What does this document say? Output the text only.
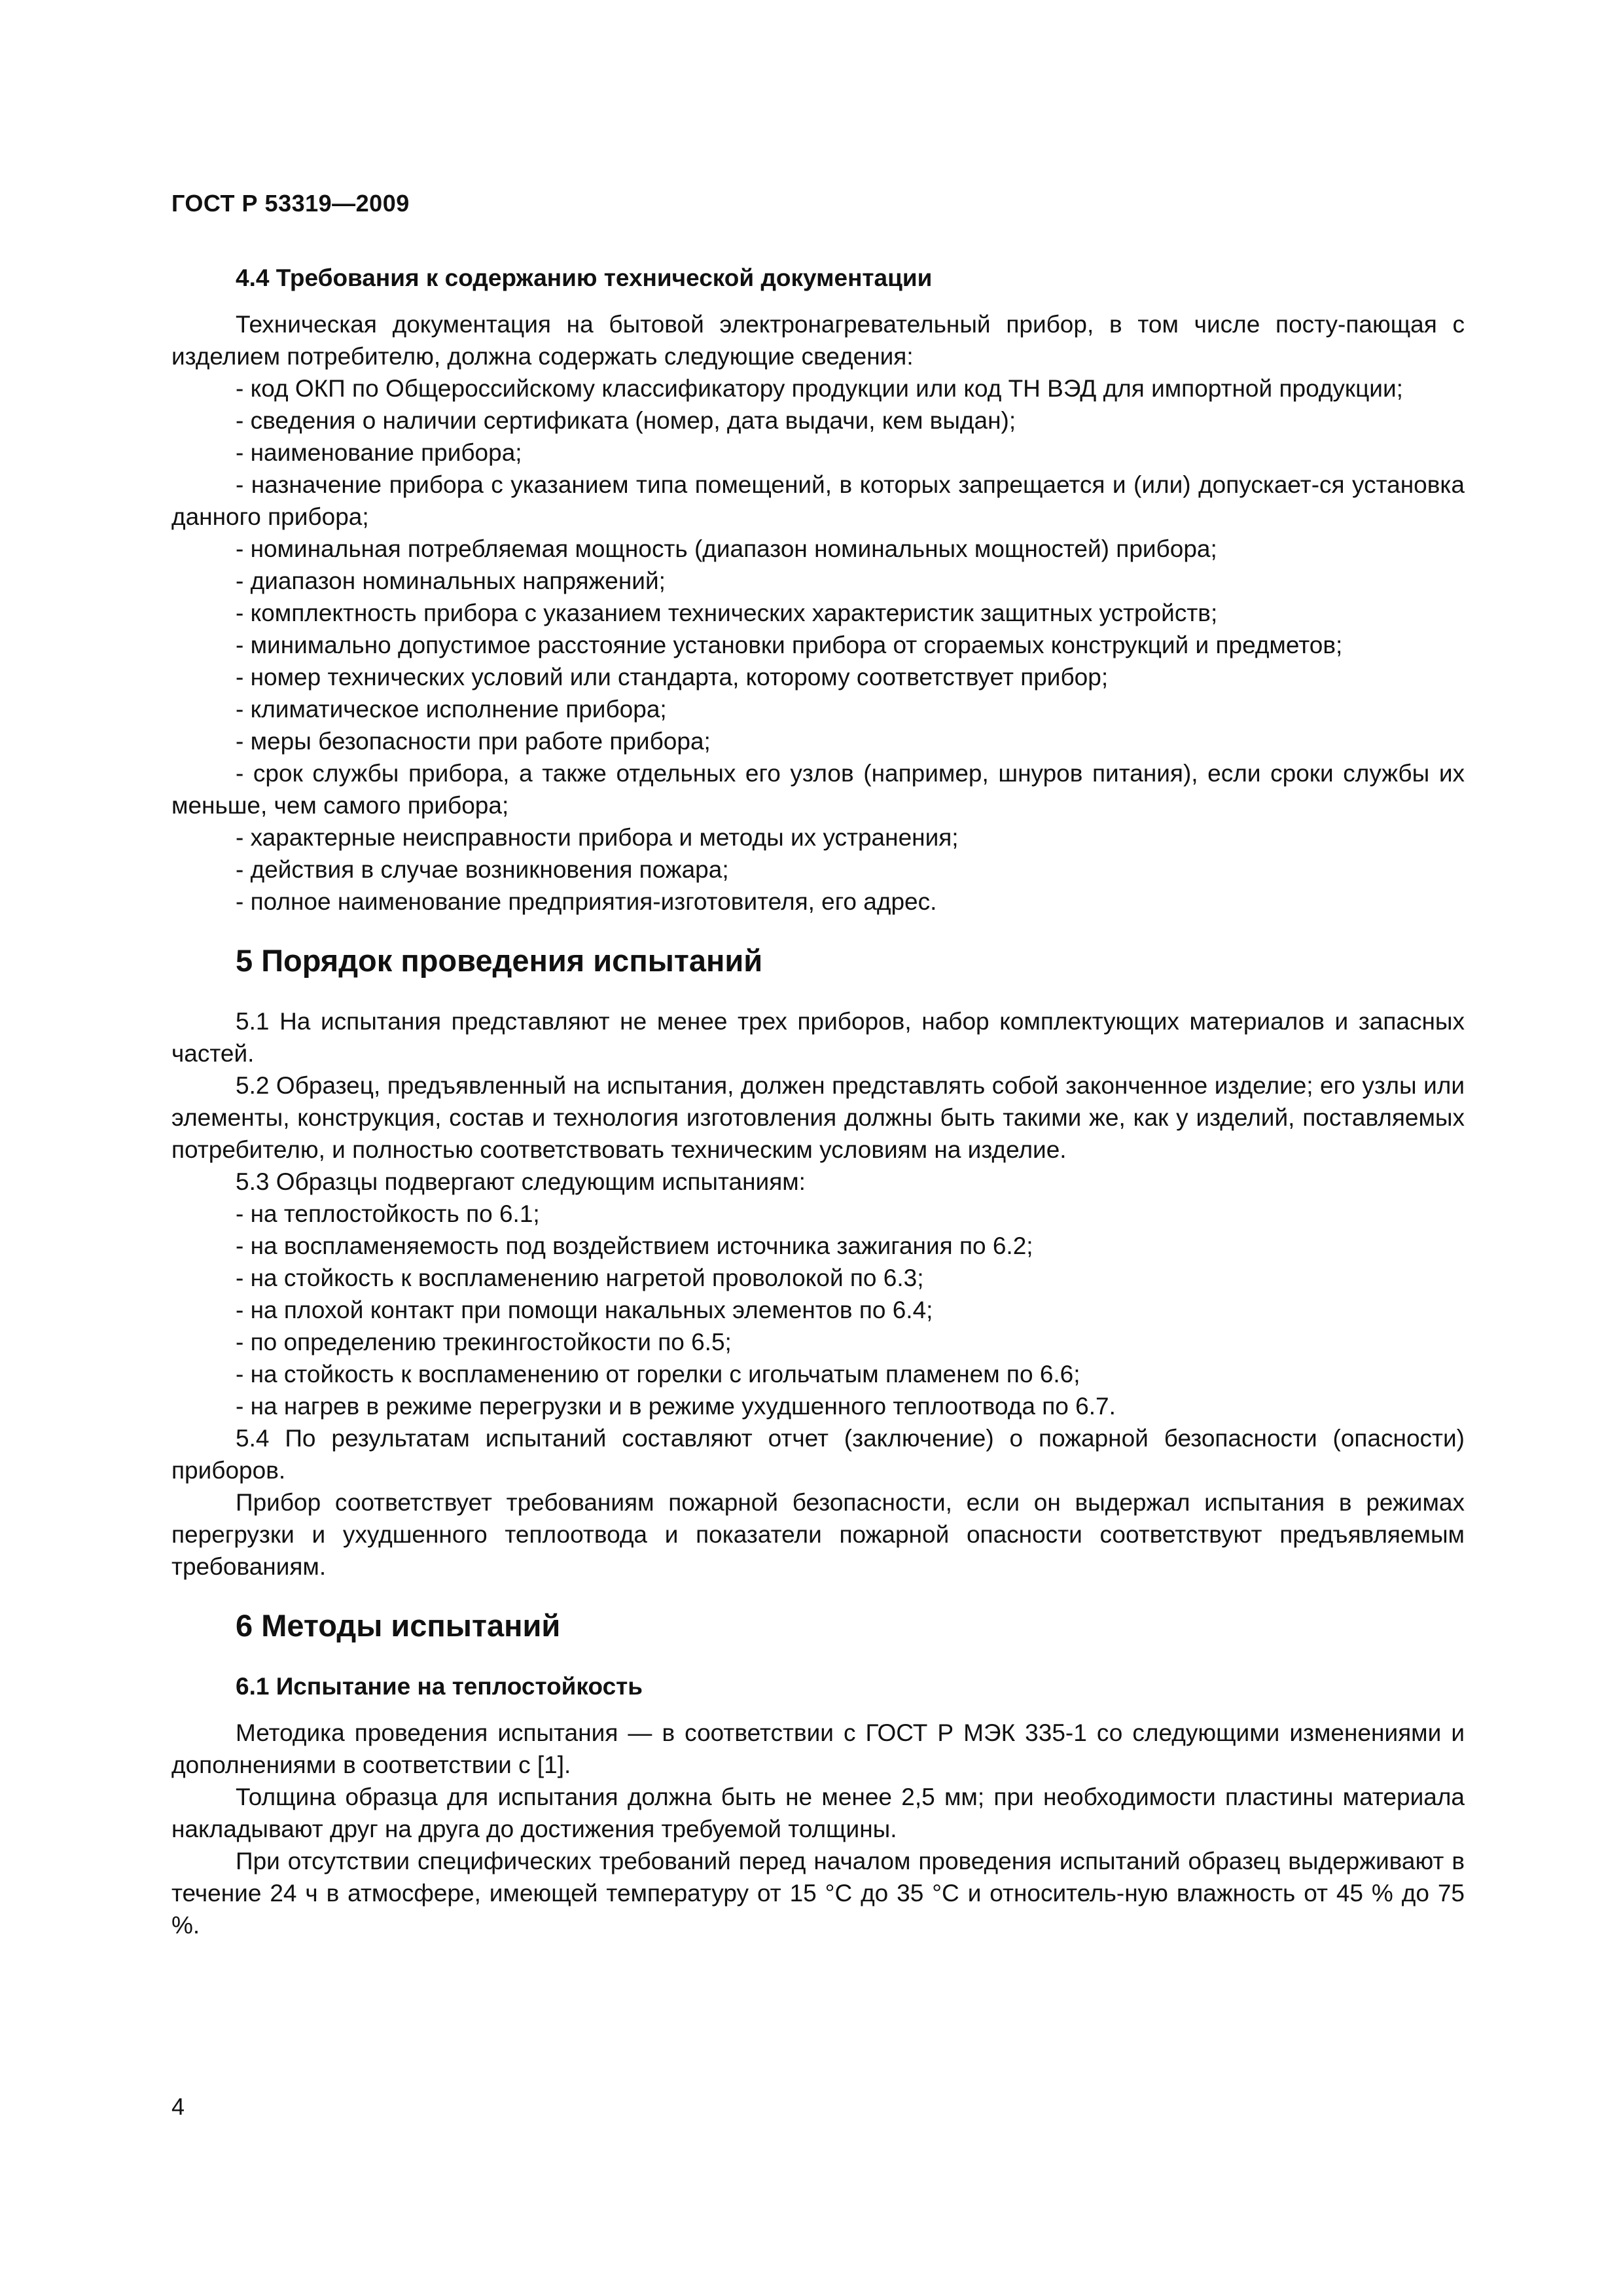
ГОСТ Р 53319—2009
4.4 Требования к содержанию технической документации

Техническая документация на бытовой электронагревательный прибор, в том числе посту-пающая с изделием потребителю, должна содержать следующие сведения:

- код ОКП по Общероссийскому классификатору продукции или код ТН ВЭД для импортной продукции;

- сведения о наличии сертификата (номер, дата выдачи, кем выдан);

- наименование прибора;

- назначение прибора с указанием типа помещений, в которых запрещается и (или) допускает-ся установка данного прибора;

- номинальная потребляемая мощность (диапазон номинальных мощностей) прибора;

- диапазон номинальных напряжений;

- комплектность прибора с указанием технических характеристик защитных устройств;

- минимально допустимое расстояние установки прибора от сгораемых конструкций и предметов;

- номер технических условий или стандарта, которому соответствует прибор;

- климатическое исполнение прибора;

- меры безопасности при работе прибора;

- срок службы прибора, а также отдельных его узлов (например, шнуров питания), если сроки службы их меньше, чем самого прибора;

- характерные неисправности прибора и методы их устранения;

- действия в случае возникновения пожара;

- полное наименование предприятия-изготовителя, его адрес.

5 Порядок проведения испытаний

5.1 На испытания представляют не менее трех приборов, набор комплектующих материалов и запасных частей.

5.2 Образец, предъявленный на испытания, должен представлять собой законченное изделие; его узлы или элементы, конструкция, состав и технология изготовления должны быть такими же, как у изделий, поставляемых потребителю, и полностью соответствовать техническим условиям на изделие.

5.3 Образцы подвергают следующим испытаниям:

- на теплостойкость по 6.1;

- на воспламеняемость под воздействием источника зажигания по 6.2;

- на стойкость к воспламенению нагретой проволокой по 6.3;

- на плохой контакт при помощи накальных элементов по 6.4;

- по определению трекингостойкости по 6.5;

- на стойкость к воспламенению от горелки с игольчатым пламенем по 6.6;

- на нагрев в режиме перегрузки и в режиме ухудшенного теплоотвода по 6.7.

5.4 По результатам испытаний составляют отчет (заключение) о пожарной безопасности (опасности) приборов.

Прибор соответствует требованиям пожарной безопасности, если он выдержал испытания в режимах перегрузки и ухудшенного теплоотвода и показатели пожарной опасности соответствуют предъявляемым требованиям.

6 Методы испытаний
6.1 Испытание на теплостойкость

Методика проведения испытания — в соответствии с ГОСТ Р МЭК 335-1 со следующими изменениями и дополнениями в соответствии с [1].

Толщина образца для испытания должна быть не менее 2,5 мм; при необходимости пластины материала накладывают друг на друга до достижения требуемой толщины.

При отсутствии специфических требований перед началом проведения испытаний образец выдерживают в течение 24 ч в атмосфере, имеющей температуру от 15 °С до 35 °С и относитель-ную влажность от 45 % до 75 %.

4
